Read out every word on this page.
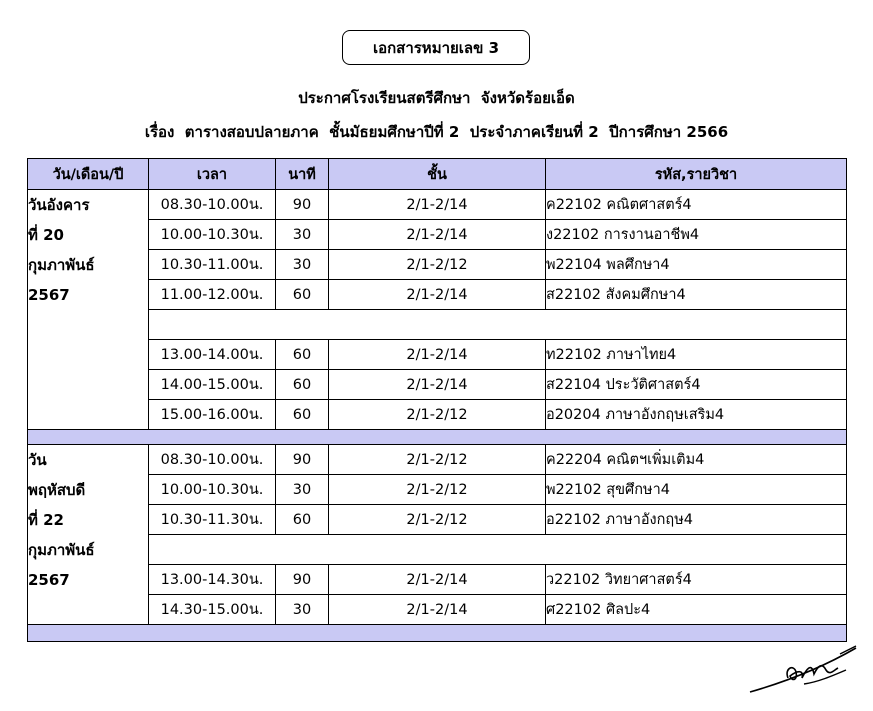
เอกสารหมายเลข 3
ประกาศโรงเรียนสตรีศึกษา  จังหวัดร้อยเอ็ด
เรื่อง  ตารางสอบปลายภาค  ชั้นมัธยมศึกษาปีที่ 2  ประจำภาคเรียนที่ 2  ปีการศึกษา 2566
วัน/เดือน/ปี	เวลา	นาที	ชั้น	รหัส,รายวิชา
วันอังคาร
ที่ 20
กุมภาพันธ์
2567	08.30-10.00น.	90	2/1-2/14	ค22102 คณิตศาสตร์4
	10.00-10.30น.	30	2/1-2/14	ง22102 การงานอาชีพ4
	10.30-11.00น.	30	2/1-2/12	พ22104 พลศึกษา4
	11.00-12.00น.	60	2/1-2/14	ส22102 สังคมศึกษา4

	13.00-14.00น.	60	2/1-2/14	ท22102 ภาษาไทย4
	14.00-15.00น.	60	2/1-2/14	ส22104 ประวัติศาสตร์4
	15.00-16.00น.	60	2/1-2/12	อ20204 ภาษาอังกฤษเสริม4

วัน
พฤหัสบดี
ที่ 22
กุมภาพันธ์
2567	08.30-10.00น.	90	2/1-2/12	ค22204 คณิตฯเพิ่มเติม4
	10.00-10.30น.	30	2/1-2/12	พ22102 สุขศึกษา4
	10.30-11.30น.	60	2/1-2/12	อ22102 ภาษาอังกฤษ4

	13.00-14.30น.	90	2/1-2/14	ว22102 วิทยาศาสตร์4
	14.30-15.00น.	30	2/1-2/14	ศ22102 ศิลปะ4
